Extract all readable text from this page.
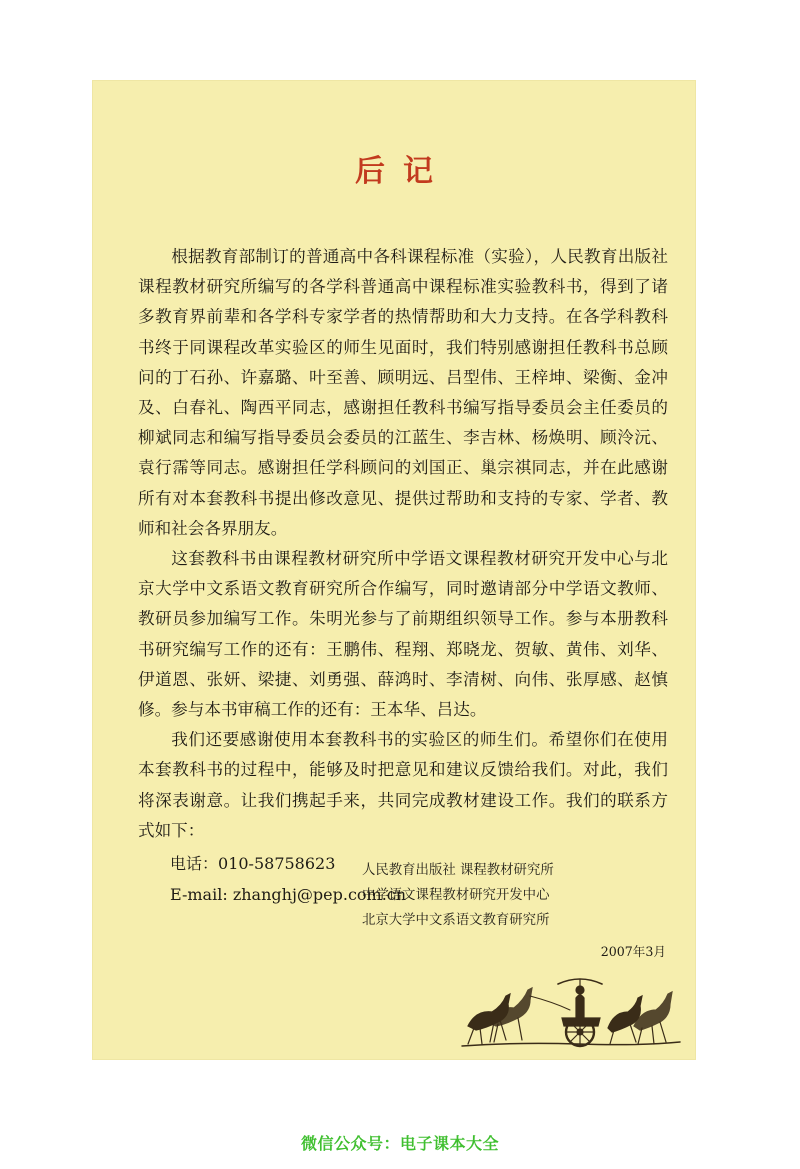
后记

根据教育部制订的普通高中各科课程标准（实验），人民教育出版社课程教材研究所编写的各学科普通高中课程标准实验教科书，得到了诸多教育界前辈和各学科专家学者的热情帮助和大力支持。在各学科教科书终于同课程改革实验区的师生见面时，我们特别感谢担任教科书总顾问的丁石孙、许嘉璐、叶至善、顾明远、吕型伟、王梓坤、梁衡、金冲及、白春礼、陶西平同志，感谢担任教科书编写指导委员会主任委员的柳斌同志和编写指导委员会委员的江蓝生、李吉林、杨焕明、顾泠沅、袁行霈等同志。感谢担任学科顾问的刘国正、巢宗祺同志，并在此感谢所有对本套教科书提出修改意见、提供过帮助和支持的专家、学者、教师和社会各界朋友。

这套教科书由课程教材研究所中学语文课程教材研究开发中心与北京大学中文系语文教育研究所合作编写，同时邀请部分中学语文教师、教研员参加编写工作。朱明光参与了前期组织领导工作。参与本册教科书研究编写工作的还有：王鹏伟、程翔、郑晓龙、贺敏、黄伟、刘华、伊道恩、张妍、梁捷、刘勇强、薛鸿时、李清树、向伟、张厚感、赵慎修。参与本书审稿工作的还有：王本华、吕达。

我们还要感谢使用本套教科书的实验区的师生们。希望你们在使用本套教科书的过程中，能够及时把意见和建议反馈给我们。对此，我们将深表谢意。让我们携起手来，共同完成教材建设工作。我们的联系方式如下：

电话： 010-58758623
E-mail: zhanghj@pep.com.cn
人民教育出版社 课程教材研究所
中学语文课程教材研究开发中心
北京大学中文系语文教育研究所
2007年3月
微信公众号：电子课本大全
